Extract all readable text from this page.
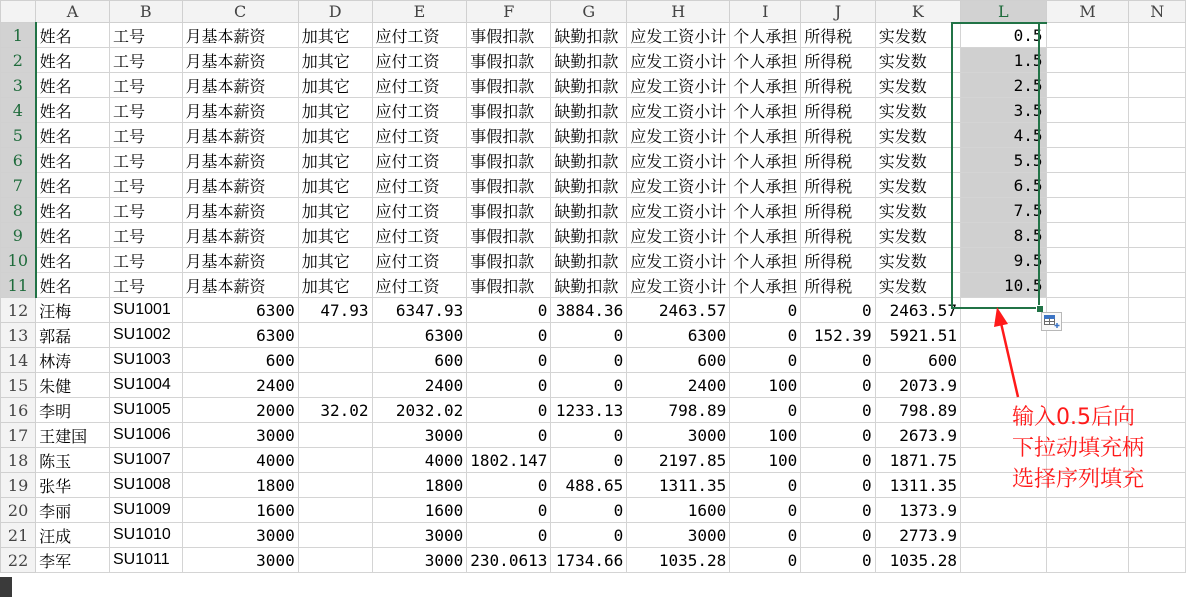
	A	B	C	D	E	F	G	H	I	J	K	L	M	N
1	姓名	工号	月基本薪资	加其它	应付工资	事假扣款	缺勤扣款	应发工资小计	个人承担	所得税	实发数	0.5		
2	姓名	工号	月基本薪资	加其它	应付工资	事假扣款	缺勤扣款	应发工资小计	个人承担	所得税	实发数	1.5		
3	姓名	工号	月基本薪资	加其它	应付工资	事假扣款	缺勤扣款	应发工资小计	个人承担	所得税	实发数	2.5		
4	姓名	工号	月基本薪资	加其它	应付工资	事假扣款	缺勤扣款	应发工资小计	个人承担	所得税	实发数	3.5		
5	姓名	工号	月基本薪资	加其它	应付工资	事假扣款	缺勤扣款	应发工资小计	个人承担	所得税	实发数	4.5		
6	姓名	工号	月基本薪资	加其它	应付工资	事假扣款	缺勤扣款	应发工资小计	个人承担	所得税	实发数	5.5		
7	姓名	工号	月基本薪资	加其它	应付工资	事假扣款	缺勤扣款	应发工资小计	个人承担	所得税	实发数	6.5		
8	姓名	工号	月基本薪资	加其它	应付工资	事假扣款	缺勤扣款	应发工资小计	个人承担	所得税	实发数	7.5		
9	姓名	工号	月基本薪资	加其它	应付工资	事假扣款	缺勤扣款	应发工资小计	个人承担	所得税	实发数	8.5		
10	姓名	工号	月基本薪资	加其它	应付工资	事假扣款	缺勤扣款	应发工资小计	个人承担	所得税	实发数	9.5		
11	姓名	工号	月基本薪资	加其它	应付工资	事假扣款	缺勤扣款	应发工资小计	个人承担	所得税	实发数	10.5		
12	汪梅	SU1001	6300	47.93	6347.93	0	3884.36	2463.57	0	0	2463.57			
13	郭磊	SU1002	6300		6300	0	0	6300	0	152.39	5921.51			
14	林涛	SU1003	600		600	0	0	600	0	0	600			
15	朱健	SU1004	2400		2400	0	0	2400	100	0	2073.9			
16	李明	SU1005	2000	32.02	2032.02	0	1233.13	798.89	0	0	798.89			
17	王建国	SU1006	3000		3000	0	0	3000	100	0	2673.9			
18	陈玉	SU1007	4000		4000	1802.147	0	2197.85	100	0	1871.75			
19	张华	SU1008	1800		1800	0	488.65	1311.35	0	0	1311.35			
20	李丽	SU1009	1600		1600	0	0	1600	0	0	1373.9			
21	汪成	SU1010	3000		3000	0	0	3000	0	0	2773.9			
22	李军	SU1011	3000		3000	230.0613	1734.66	1035.28	0	0	1035.28			
输入0.5后向
下拉动填充柄
选择序列填充
